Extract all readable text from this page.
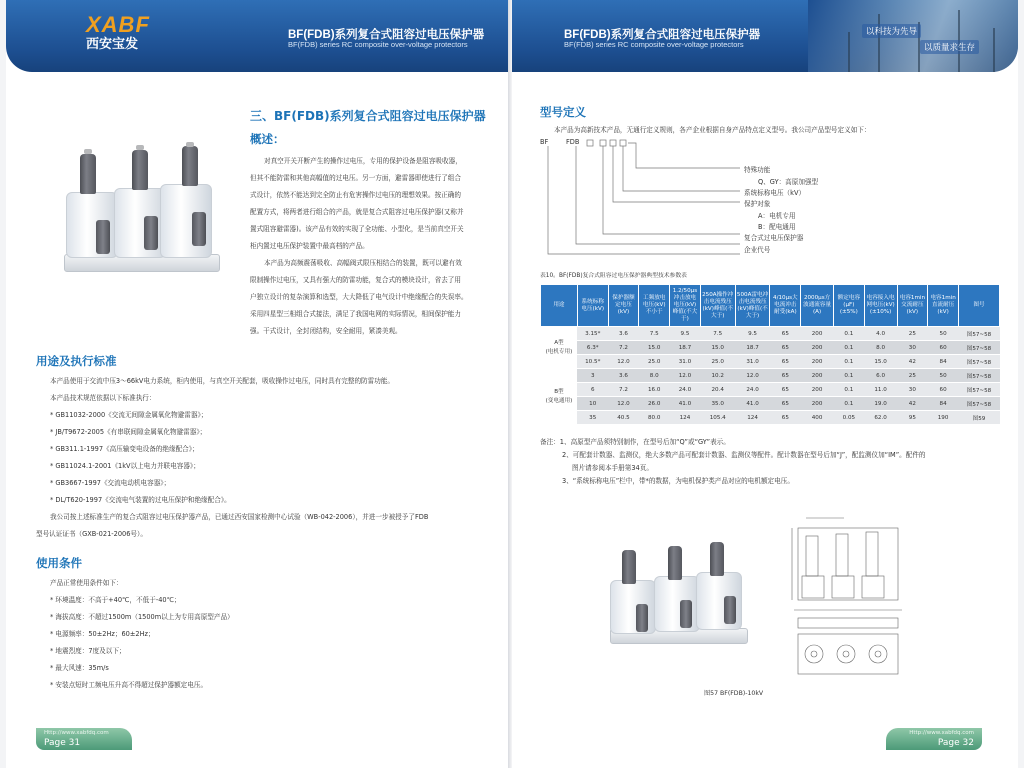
XABF
西安宝发
BF(FDB)系列复合式阻容过电压保护器
BF(FDB) series RC composite over-voltage protectors
三、BF(FDB)系列复合式阻容过电压保护器
概述：
对真空开关开断产生的操作过电压，专用的保护设备是阻容吸收器，
但其不能防雷和其他高幅值的过电压。另一方面，避雷器即使进行了组合
式设计，依然不能达到完全防止有危害操作过电压的理想效果。按正确的
配置方式，将两者进行组合的产品，就是复合式阻容过电压保护器(又称并
置式阻容避雷器)。该产品有效的实现了全功能、小型化，是当前真空开关
柜内置过电压保护装置中最高档的产品。
本产品为高频震荡吸收、高幅阀式限压相结合的装置，既可以避有效
限制操作过电压，又具有强大的防雷功能，复合式的模块设计，省去了用
户独立设计的复杂演算和选型，大大降低了电气设计中绝缘配合的失误率。
采用四星型三相组合式接法，满足了我国电网的实际情况，相间保护能力
强。干式设计，全封闭结构，安全耐用，紧凑美观。
用途及执行标准
本产品使用于交流中压3～66kV电力系统，柜内使用，与真空开关配套，吸收操作过电压，同时具有完整的防雷功能。
本产品技术规范依据以下标准执行：
* GB11032-2000《交流无间隙金属氧化物避雷器》；
* JB/T9672-2005《有串联间隙金属氧化物避雷器》；
* GB311.1-1997《高压输变电设备的绝缘配合》；
* GB11024.1-2001《1kV以上电力并联电容器》；
* GB3667-1997《交流电动机电容器》；
* DL/T620-1997《交流电气装置的过电压保护和绝缘配合》。
我公司按上述标准生产的复合式阻容过电压保护器产品，已通过西安国家检测中心试验（WB-042-2006），并进一步被授予了FDB
型号认证证书（GXB-021-2006号）。
使用条件
产品正常使用条件如下：
* 环境温度：不高于+40℃，不低于-40℃；
* 海拔高度：不超过1500m（1500m以上为专用高原型产品）
* 电源频率：50±2Hz；60±2Hz；
* 地震烈度：7度及以下；
* 最大风速：35m/s
* 安装点短时工频电压升高不得超过保护器额定电压。
Http://www.xabfdq.com
Page 31
BF(FDB)系列复合式阻容过电压保护器
BF(FDB) series RC composite over-voltage protectors
以科技为先导
以质量求生存
型号定义
本产品为高新技术产品，无通行定义规则，各产企业根据自身产品特点定义型号。我公司产品型号定义如下：
BF	FDB
特殊功能
Q、GY：高原加强型
系统标称电压（kV）
保护对象
A：电机专用
B：配电通用
复合式过电压保护器
企业代号
表10。BF(FDB)复合式阻容过电压保护器典型技术参数表
用途	系统标称电压(kV)	保护器额定电压(kV)	工频放电电压(kV)不小于	1.2/50μs冲击放电电压(kV)峰值(不大于)	250A操作冲击电流残压(kV)峰值(不大于)	500A雷电冲击电流残压(kV)峰值(不大于)	4/10μs大电流冲击耐受(kA)	2000μs方波通流容量(A)	额定电容(μF)(±5%)	电容接入电网电压(kV)(±10%)	电容1min交流耐压(kV)	电容1min直流耐压(kV)	图号
A型
(电机专用)	3.15*	3.6	7.5	9.5	7.5	9.5	65	200	0.1	4.0	25	50	图57~58
	6.3*	7.2	15.0	18.7	15.0	18.7	65	200	0.1	8.0	30	60	图57~58
	10.5*	12.0	25.0	31.0	25.0	31.0	65	200	0.1	15.0	42	84	图57~58
B型
(变电通用)	3	3.6	8.0	12.0	10.2	12.0	65	200	0.1	6.0	25	50	图57~58
	6	7.2	16.0	24.0	20.4	24.0	65	200	0.1	11.0	30	60	图57~58
	10	12.0	26.0	41.0	35.0	41.0	65	200	0.1	19.0	42	84	图57~58
	35	40.5	80.0	124	105.4	124	65	400	0.05	62.0	95	190	图59
备注：1、高原型产品须特别制作，在型号后加“Q”或“GY”表示。
2、可配套计数器、监测仪，绝大多数产品可配套计数器、监测仪等配件。配计数器在型号后加“J”，配监测仪加“IM”。配件的
图片请参阅本手册第34页。
3、“系统标称电压”栏中，带*的数据，为电机保护类产品对应的电机额定电压。
图57 BF(FDB)-10kV
Http://www.xabfdq.com
Page 32
